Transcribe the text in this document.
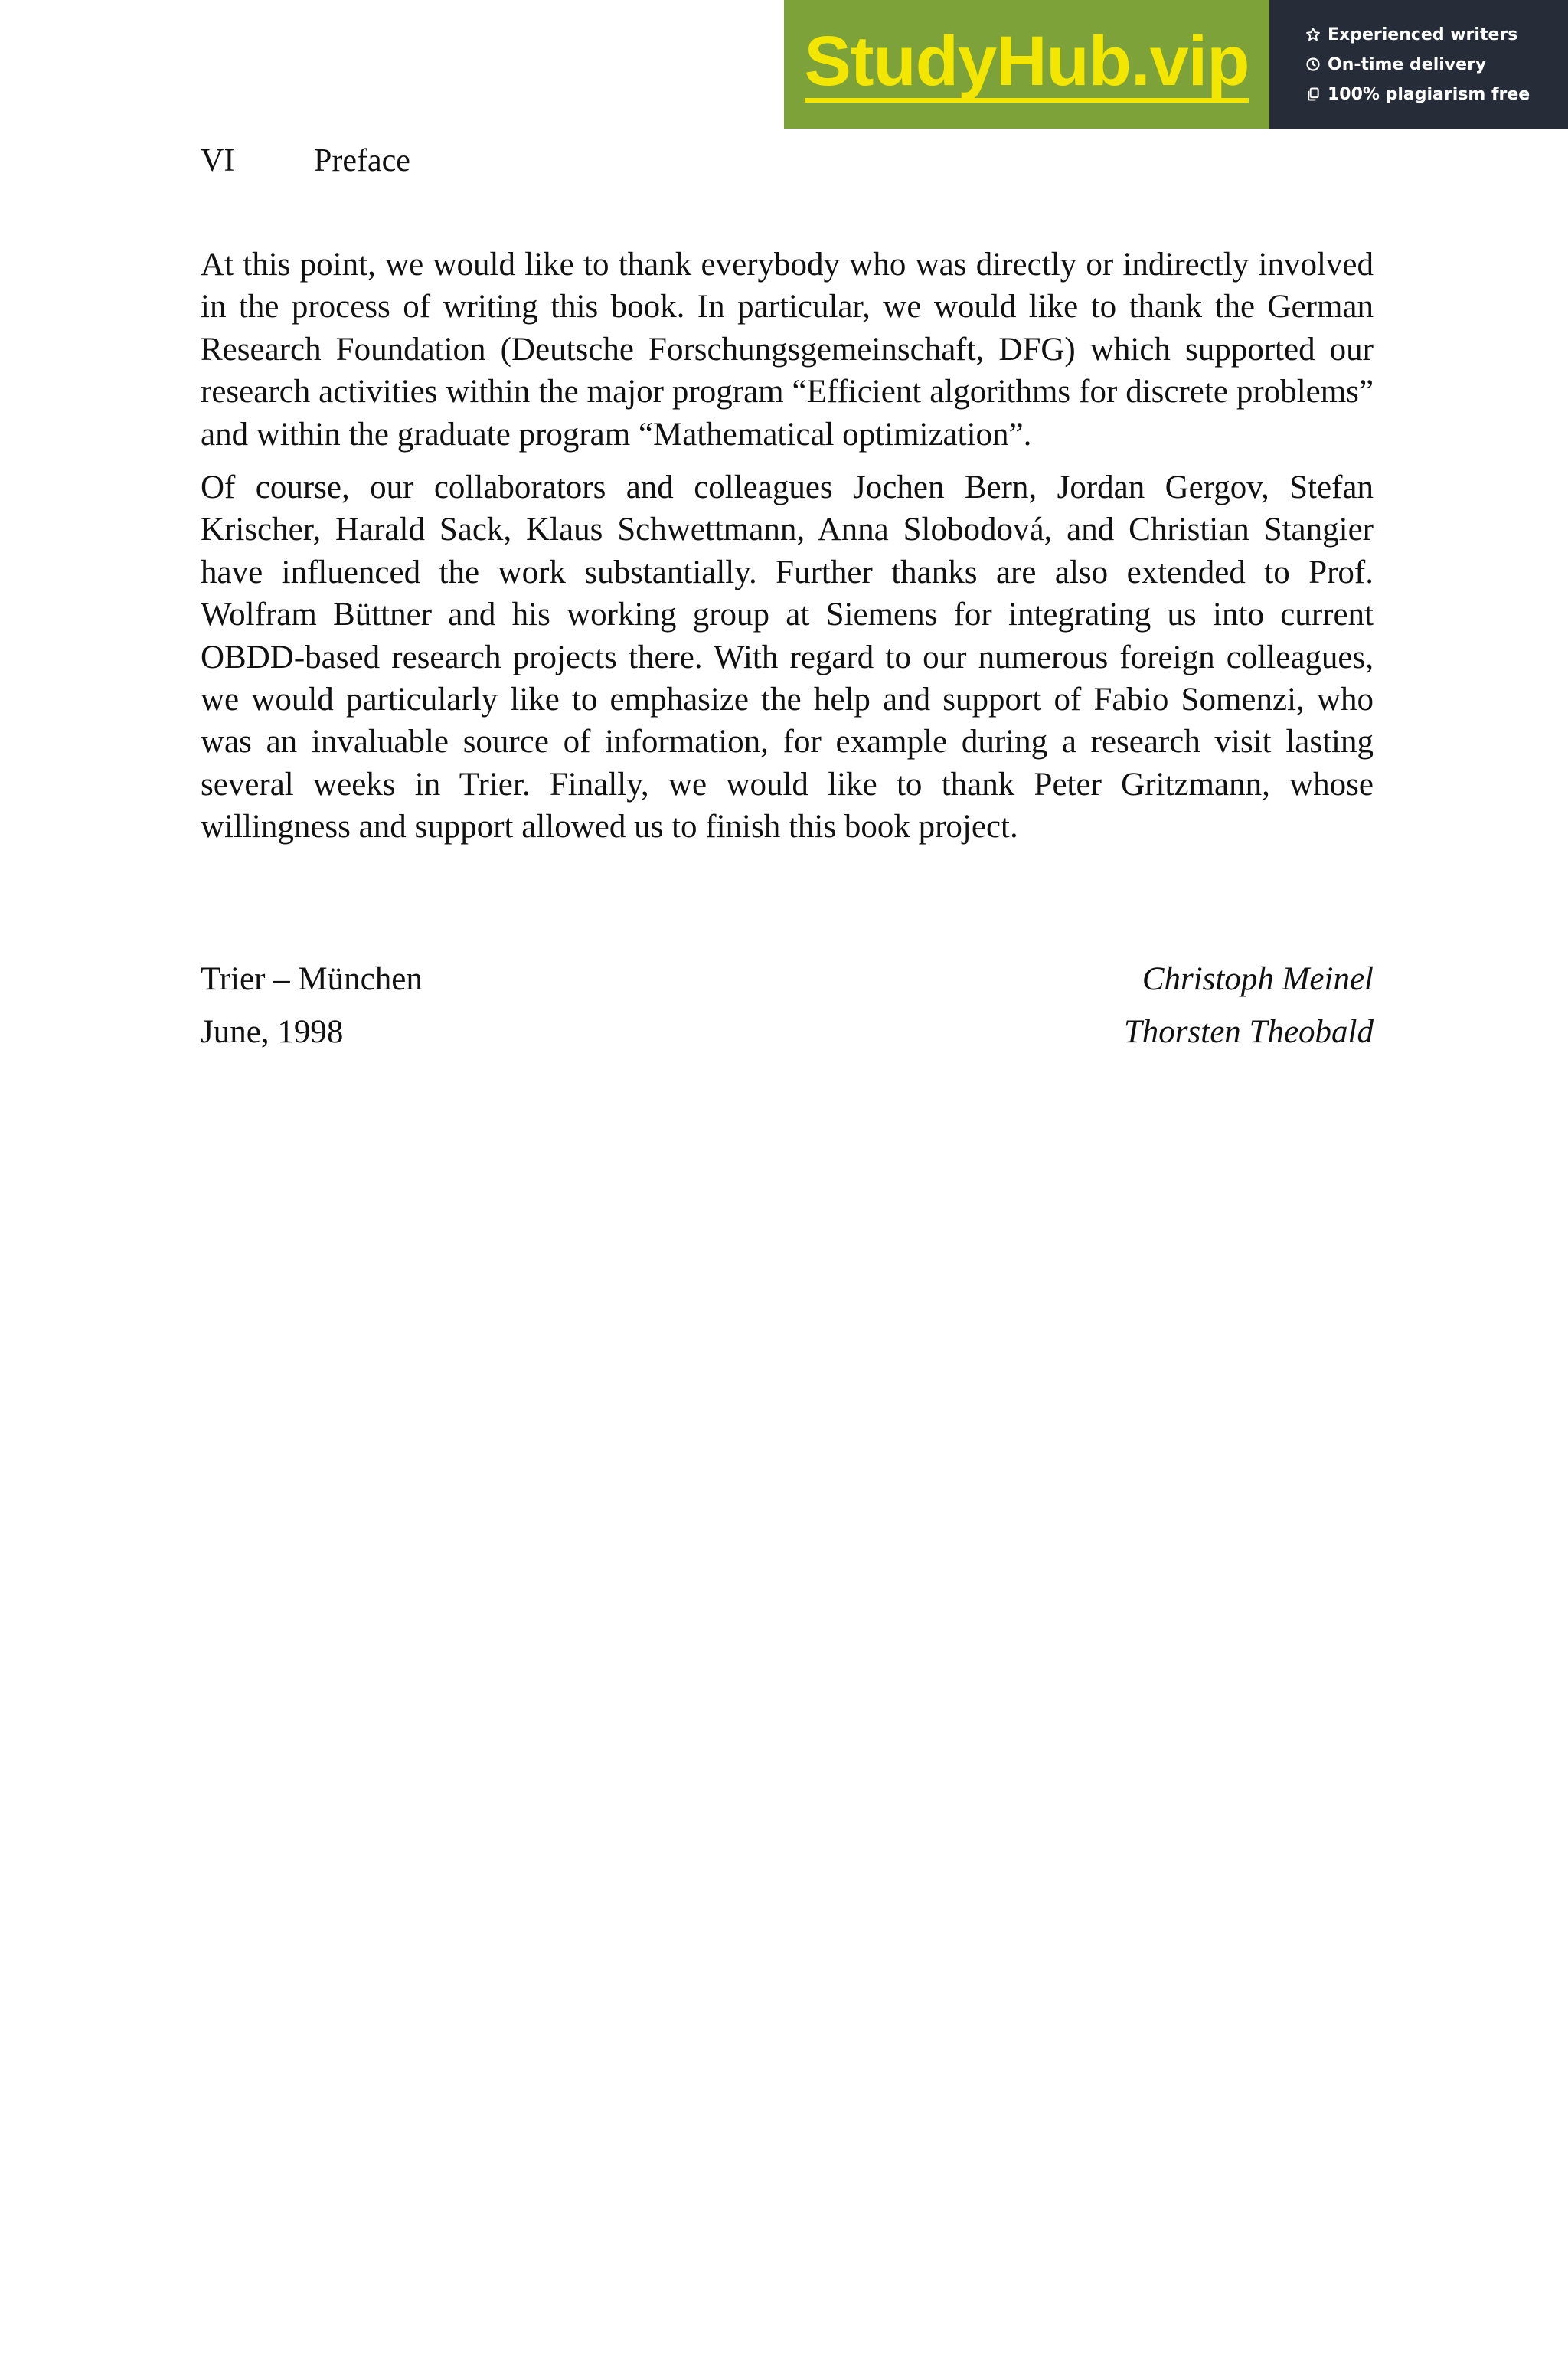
StudyHub.vip	Experienced writers
On-time delivery
100% plagiarism free
VI	Preface

At this point, we would like to thank everybody who was directly or indirectly involved in the process of writing this book. In particular, we would like to thank the German Research Foundation (Deutsche Forschungsgemeinschaft, DFG) which supported our research activities within the major program “Efficient algorithms for discrete problems” and within the graduate program “Mathematical optimization”.

Of course, our collaborators and colleagues Jochen Bern, Jordan Gergov, Stefan Krischer, Harald Sack, Klaus Schwettmann, Anna Slobodová, and Christian Stangier have influenced the work substantially. Further thanks are also extended to Prof. Wolfram Büttner and his working group at Siemens for integrating us into current OBDD-based research projects there. With regard to our numerous foreign colleagues, we would particularly like to emphasize the help and support of Fabio Somenzi, who was an invaluable source of information, for example during a research visit lasting several weeks in Trier. Finally, we would like to thank Peter Gritzmann, whose willingness and support allowed us to finish this book project.

Trier – München	Christoph Meinel
June, 1998	Thorsten Theobald
